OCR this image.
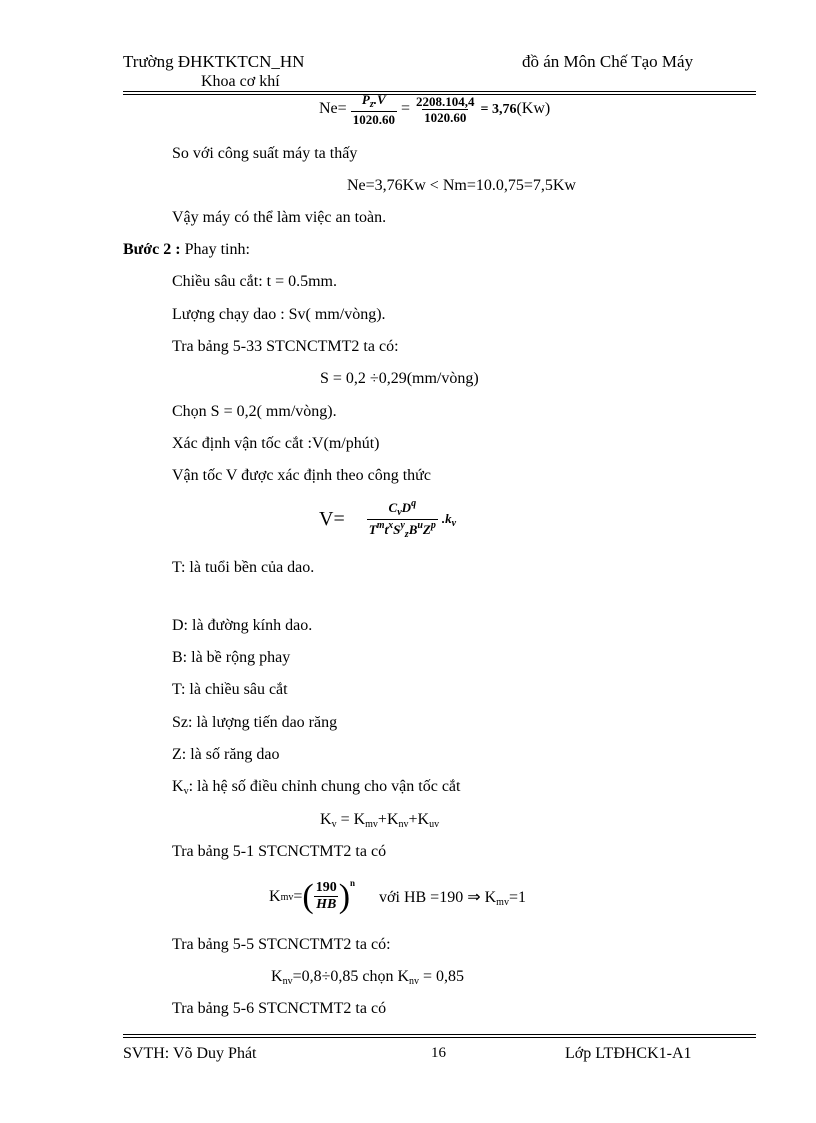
Trường ĐHKTKTCN_HN	đồ án Môn Chế Tạo Máy
Khoa cơ khí
$Ne= \frac{P_z.V}{1020.60} = \frac{2208.104,4}{1020.60} = 3,76(Kw)$
So với công suất máy ta thấy
Ne=3,76Kw < Nm=10.0,75=7,5Kw
Vậy máy có thể làm việc an toàn.
Bước 2 : Phay tinh:
Chiều sâu cắt: t = 0.5mm.
Lượng chạy dao : Sv( mm/vòng).
Tra bảng 5-33 STCNCTMT2 ta có:
S = 0,2 ÷0,29(mm/vòng)
Chọn S = 0,2( mm/vòng).
Xác định vận tốc cắt :V(m/phút)
Vận tốc V được xác định theo công thức
$V= \frac{C_vD^q}{T^mt^xS^y_zB^uZ^p} .k_v$
T: là tuổi bền của dao.
D: là đường kính dao.
B: là bề rộng phay
T: là chiều sâu cắt
Sz: là lượng tiến dao răng
Z: là số răng dao
$K_v$: là hệ số điều chỉnh chung cho vận tốc cắt
$K_v = K_{mv}+K_{nv}+K_{uv}$
Tra bảng 5-1 STCNCTMT2 ta có
K mv = ( $\frac{190}{HB}$ ) n
với HB =190 ⇒ $K_{mv}=1$
Tra bảng 5-5 STCNCTMT2 ta có:
$K_{nv}=0,8\div 0,85$ chọn $K_{nv} = 0,85$
Tra bảng 5-6 STCNCTMT2 ta có
SVTH: Võ Duy Phát	16	Lớp LTĐHCK1-A1
